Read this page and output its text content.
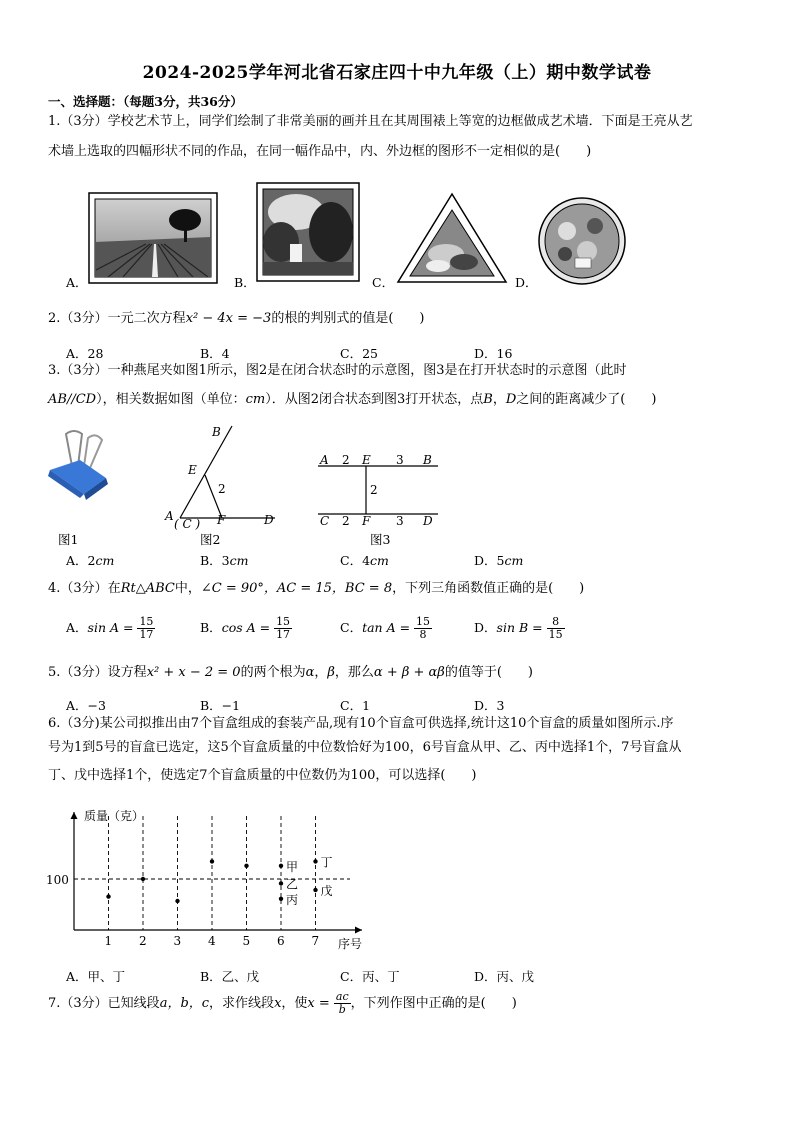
2024-2025学年河北省石家庄四十中九年级（上）期中数学试卷
一、选择题：（每题3分，共36分）
1.（3分）学校艺术节上，同学们绘制了非常美丽的画并且在其周围裱上等宽的边框做成艺术墙．下面是王亮从艺
术墙上选取的四幅形状不同的作品，在同一幅作品中，内、外边框的图形不一定相似的是(　　)
A．	B．	C．	D．
2.（3分）一元二次方程x² − 4x = −3的根的判别式的值是(　　)
A．28	B．4	C．25	D．16
3.（3分）一种燕尾夹如图1所示，图2是在闭合状态时的示意图，图3是在打开状态时的示意图（此时
AB//CD），相关数据如图（单位：cm）．从图2闭合状态到图3打开状态，点B，D之间的距离减少了(　　)
图1
B
E
2
A
( C ) F	D
图2
A 2 E 3 B
2
C 2 F 3 D
图3
A．2cm	B．3cm	C．4cm	D．5cm
4.（3分）在Rt△ABC中，∠C = 90°，AC = 15，BC = 8，下列三角函数值正确的是(　　)
A．$\sin A = \frac{15}{17}$	B．$\cos A = \frac{15}{17}$	C．$\tan A = \frac{15}{8}$	D．$\sin B = \frac{8}{15}$
5.（3分）设方程x² + x − 2 = 0的两个根为α，β，那么α + β + αβ的值等于(　　)
A．−3	B．−1	C．1	D．3
6.（3分)某公司拟推出由7个盲盒组成的套装产品,现有10个盲盒可供选择,统计这10个盲盒的质量如图所示.序
号为1到5号的盲盒已选定，这5个盲盒质量的中位数恰好为100，6号盲盒从甲、乙、丙中选择1个，7号盲盒从
丁、戊中选择1个，使选定7个盲盒质量的中位数仍为100，可以选择(　　)
质量（克）
序号
100
1 2 3 4 5 6 7
甲
乙
丙
丁
戊
A．甲、丁	B．乙、戊	C．丙、丁	D．丙、戊
7.（3分）已知线段a，b，c，求作线段x，使$x = \frac{ac}{b}$ ，下列作图中正确的是(　　)
